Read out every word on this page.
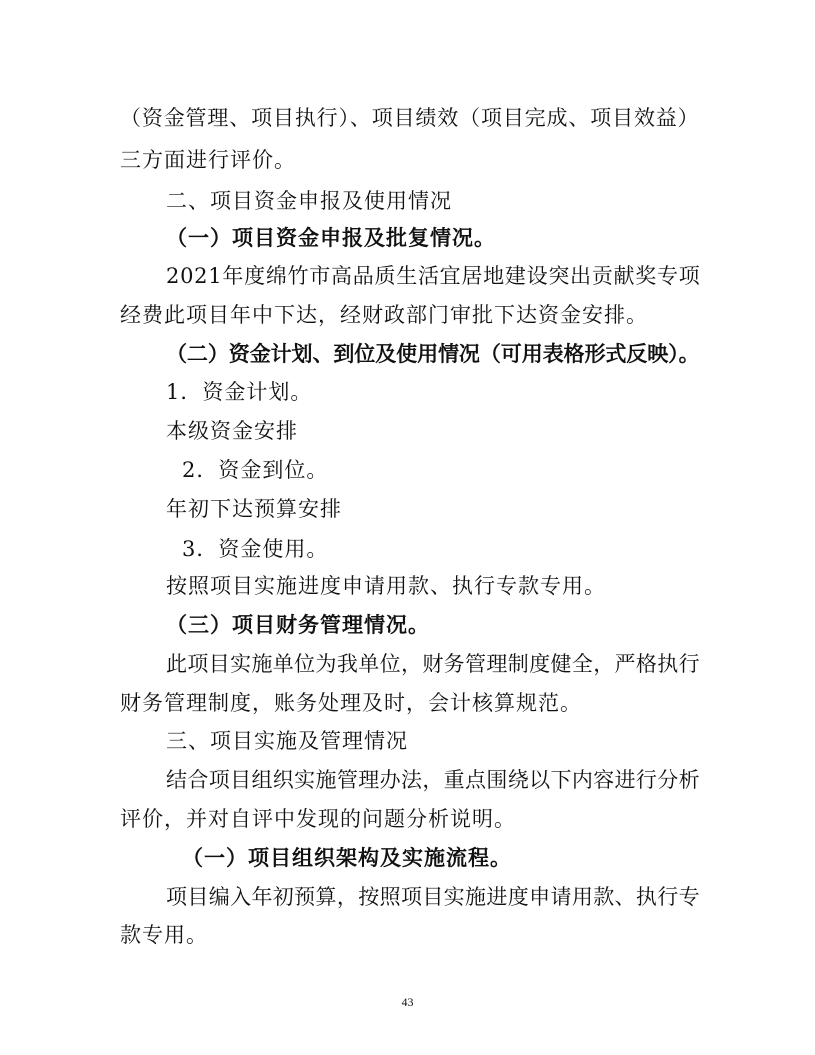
（资金管理、项目执行）、项目绩效（项目完成、项目效益）
三方面进行评价。
二、项目资金申报及使用情况
（一）项目资金申报及批复情况。
2021年度绵竹市高品质生活宜居地建设突出贡献奖专项
经费此项目年中下达，经财政部门审批下达资金安排。
（二）资金计划、到位及使用情况（可用表格形式反映）。
1．资金计划。
本级资金安排
2．资金到位。
年初下达预算安排
3．资金使用。
按照项目实施进度申请用款、执行专款专用。
（三）项目财务管理情况。
此项目实施单位为我单位，财务管理制度健全，严格执行
财务管理制度，账务处理及时，会计核算规范。
三、项目实施及管理情况
结合项目组织实施管理办法，重点围绕以下内容进行分析
评价，并对自评中发现的问题分析说明。
（一）项目组织架构及实施流程。
项目编入年初预算，按照项目实施进度申请用款、执行专
款专用。
43
